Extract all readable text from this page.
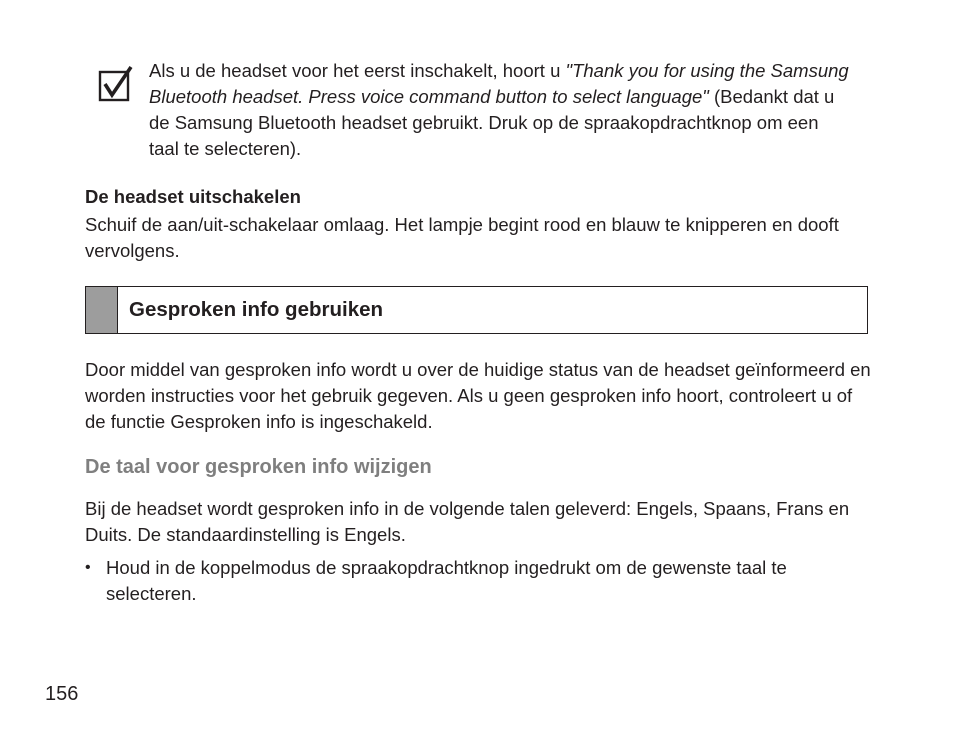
Als u de headset voor het eerst inschakelt, hoort u "Thank you for using the Samsung Bluetooth headset. Press voice command button to select language" (Bedankt dat u de Samsung Bluetooth headset gebruikt. Druk op de spraakopdrachtknop om een taal te selecteren).
De headset uitschakelen
Schuif de aan/uit-schakelaar omlaag. Het lampje begint rood en blauw te knipperen en dooft vervolgens.
Gesproken info gebruiken
Door middel van gesproken info wordt u over de huidige status van de headset geïnformeerd en worden instructies voor het gebruik gegeven. Als u geen gesproken info hoort, controleert u of de functie Gesproken info is ingeschakeld.
De taal voor gesproken info wijzigen
Bij de headset wordt gesproken info in de volgende talen geleverd: Engels, Spaans, Frans en Duits. De standaardinstelling is Engels.
• Houd in de koppelmodus de spraakopdrachtknop ingedrukt om de gewenste taal te selecteren.
156
